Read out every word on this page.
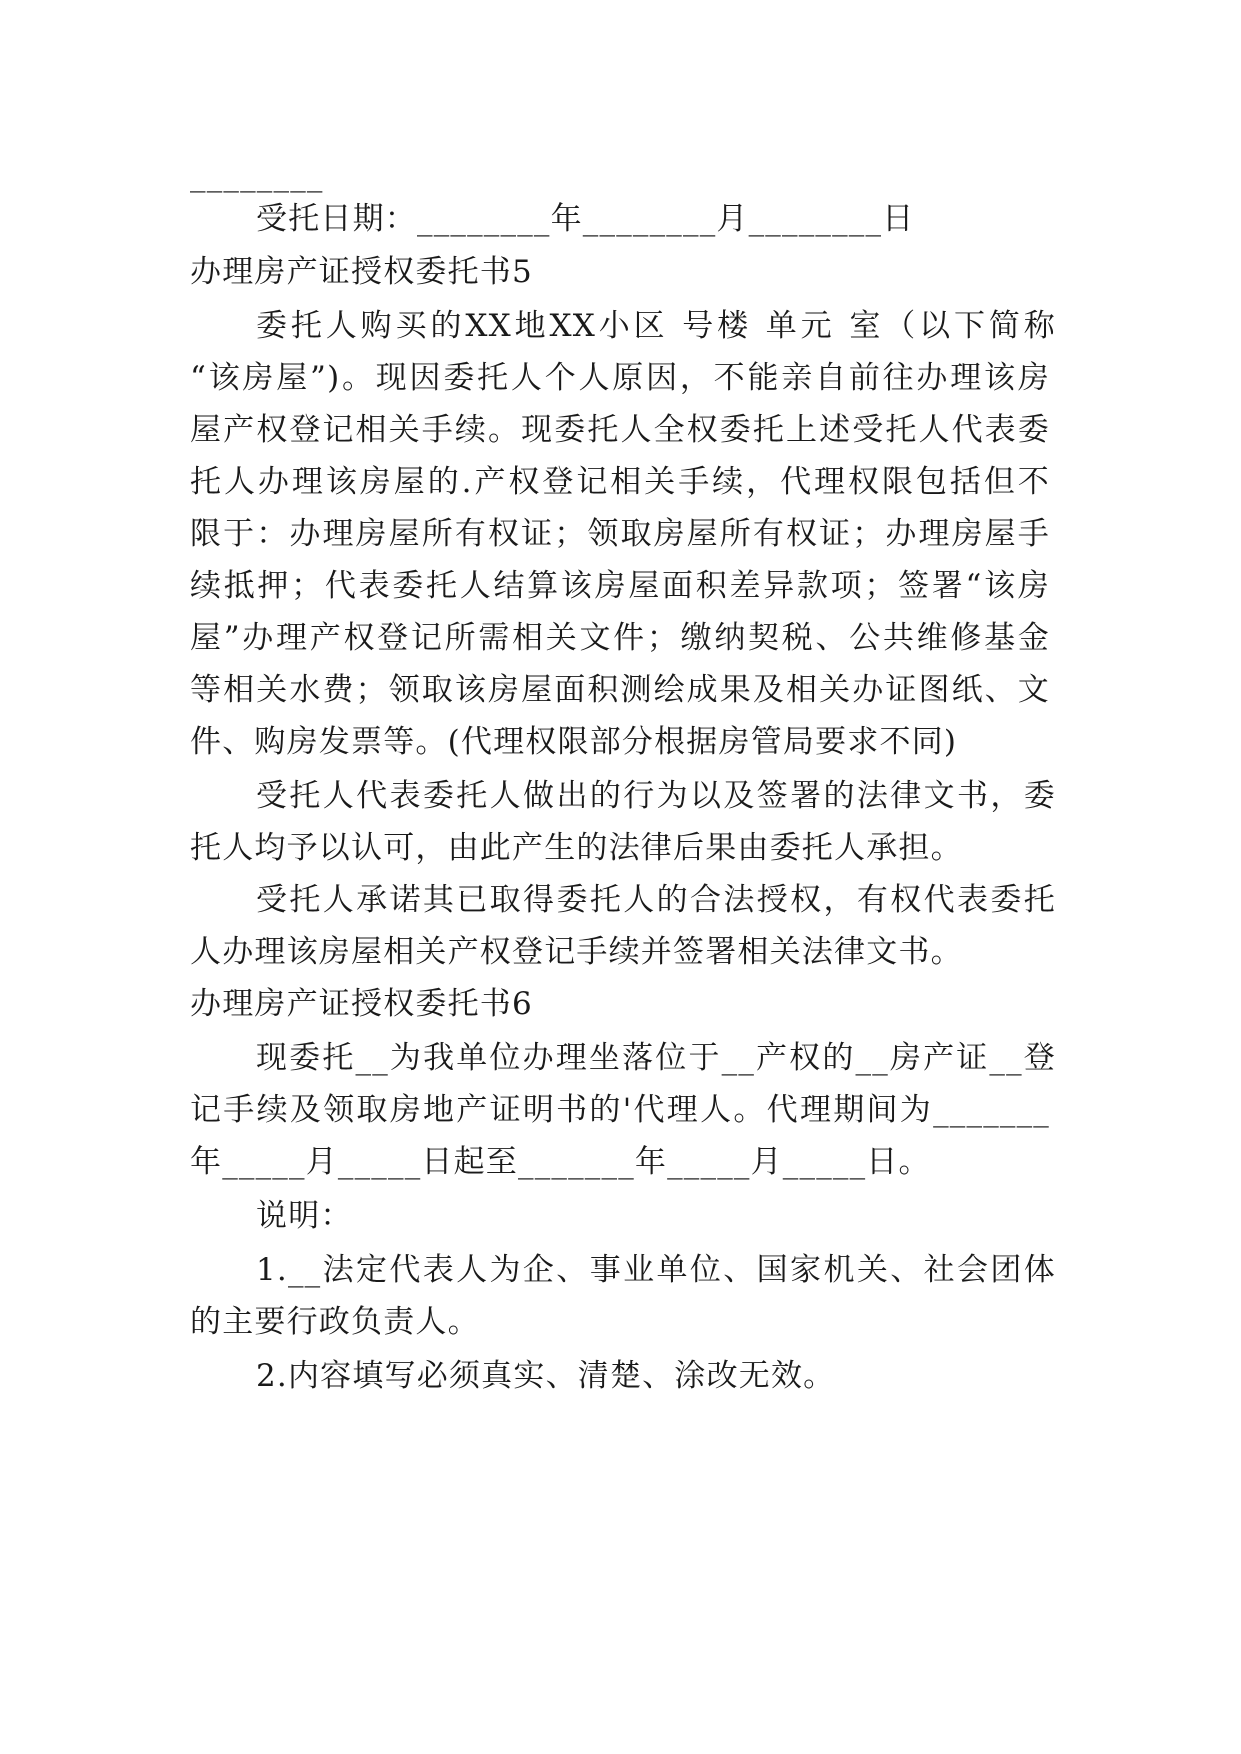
________
受托日期：________年________月________日
办理房产证授权委托书5
委托人购买的XX地XX小区 号楼 单元 室（以下简称
“该房屋”)。现因委托人个人原因，不能亲自前往办理该房
屋产权登记相关手续。现委托人全权委托上述受托人代表委
托人办理该房屋的.产权登记相关手续，代理权限包括但不
限于：办理房屋所有权证；领取房屋所有权证；办理房屋手
续抵押；代表委托人结算该房屋面积差异款项；签署“该房
屋”办理产权登记所需相关文件；缴纳契税、公共维修基金
等相关水费；领取该房屋面积测绘成果及相关办证图纸、文
件、购房发票等。(代理权限部分根据房管局要求不同)
受托人代表委托人做出的行为以及签署的法律文书，委
托人均予以认可，由此产生的法律后果由委托人承担。
受托人承诺其已取得委托人的合法授权，有权代表委托
人办理该房屋相关产权登记手续并签署相关法律文书。
办理房产证授权委托书6
现委托__为我单位办理坐落位于__产权的__房产证__登
记手续及领取房地产证明书的'代理人。代理期间为_______
年_____月_____日起至_______年_____月_____日。
说明：
1.__法定代表人为企、事业单位、国家机关、社会团体
的主要行政负责人。
2.内容填写必须真实、清楚、涂改无效。
